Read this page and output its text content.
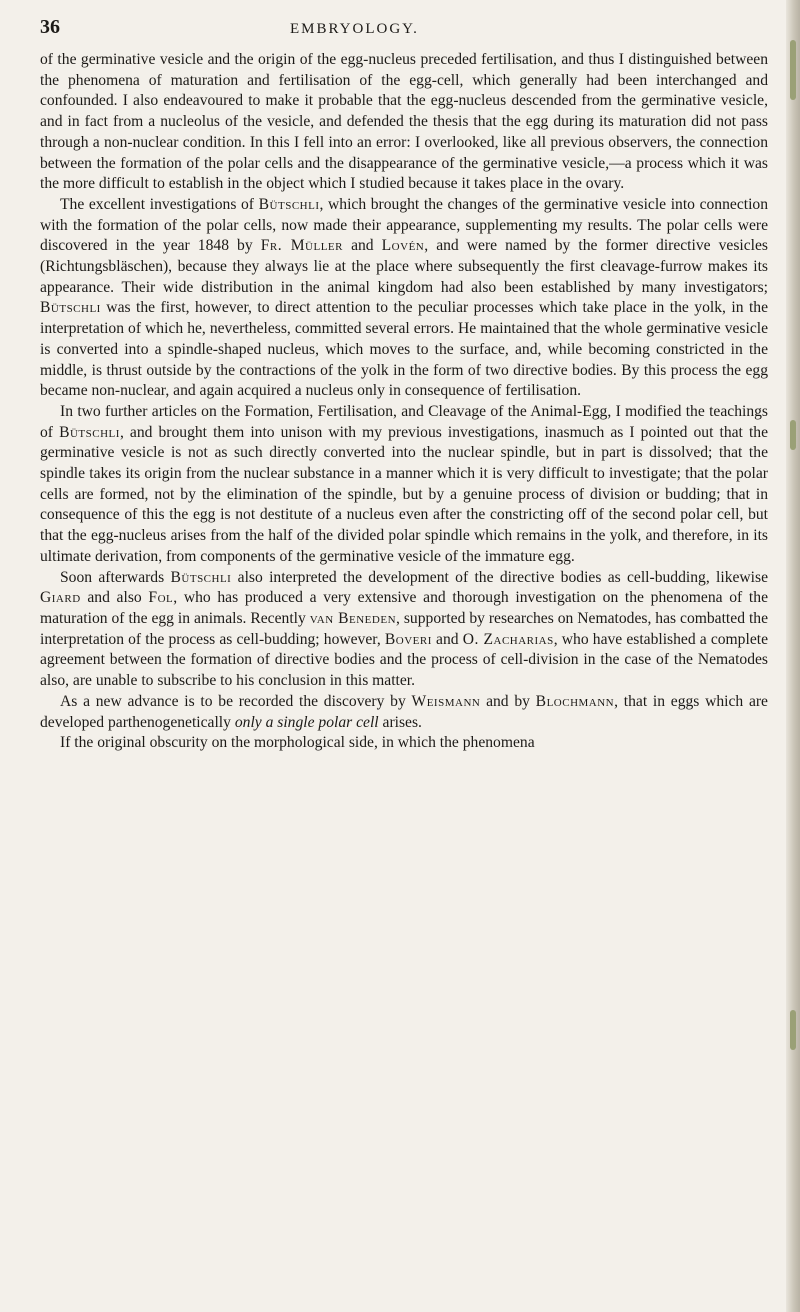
36	EMBRYOLOGY.

of the germinative vesicle and the origin of the egg-nucleus preceded fertilisation, and thus I distinguished between the phenomena of maturation and fertilisation of the egg-cell, which generally had been interchanged and confounded. I also endeavoured to make it probable that the egg-nucleus descended from the germinative vesicle, and in fact from a nucleolus of the vesicle, and defended the thesis that the egg during its maturation did not pass through a non-nuclear condition. In this I fell into an error: I overlooked, like all previous observers, the connection between the formation of the polar cells and the disappearance of the germinative vesicle,—a process which it was the more difficult to establish in the object which I studied because it takes place in the ovary.

The excellent investigations of Bütschli, which brought the changes of the germinative vesicle into connection with the formation of the polar cells, now made their appearance, supplementing my results. The polar cells were discovered in the year 1848 by Fr. Müller and Lovén, and were named by the former directive vesicles (Richtungsbläschen), because they always lie at the place where subsequently the first cleavage-furrow makes its appearance. Their wide distribution in the animal kingdom had also been established by many investigators; Bütschli was the first, however, to direct attention to the peculiar processes which take place in the yolk, in the interpretation of which he, nevertheless, committed several errors. He maintained that the whole germinative vesicle is converted into a spindle-shaped nucleus, which moves to the surface, and, while becoming constricted in the middle, is thrust outside by the contractions of the yolk in the form of two directive bodies. By this process the egg became non-nuclear, and again acquired a nucleus only in consequence of fertilisation.

In two further articles on the Formation, Fertilisation, and Cleavage of the Animal-Egg, I modified the teachings of Bütschli, and brought them into unison with my previous investigations, inasmuch as I pointed out that the germinative vesicle is not as such directly converted into the nuclear spindle, but in part is dissolved; that the spindle takes its origin from the nuclear substance in a manner which it is very difficult to investigate; that the polar cells are formed, not by the elimination of the spindle, but by a genuine process of division or budding; that in consequence of this the egg is not destitute of a nucleus even after the constricting off of the second polar cell, but that the egg-nucleus arises from the half of the divided polar spindle which remains in the yolk, and therefore, in its ultimate derivation, from components of the germinative vesicle of the immature egg.

Soon afterwards Bütschli also interpreted the development of the directive bodies as cell-budding, likewise Giard and also Fol, who has produced a very extensive and thorough investigation on the phenomena of the maturation of the egg in animals. Recently van Beneden, supported by researches on Nematodes, has combatted the interpretation of the process as cell-budding; however, Boveri and O. Zacharias, who have established a complete agreement between the formation of directive bodies and the process of cell-division in the case of the Nematodes also, are unable to subscribe to his conclusion in this matter.

As a new advance is to be recorded the discovery by Weismann and by Blochmann, that in eggs which are developed parthenogenetically only a single polar cell arises.

If the original obscurity on the morphological side, in which the phenomena
